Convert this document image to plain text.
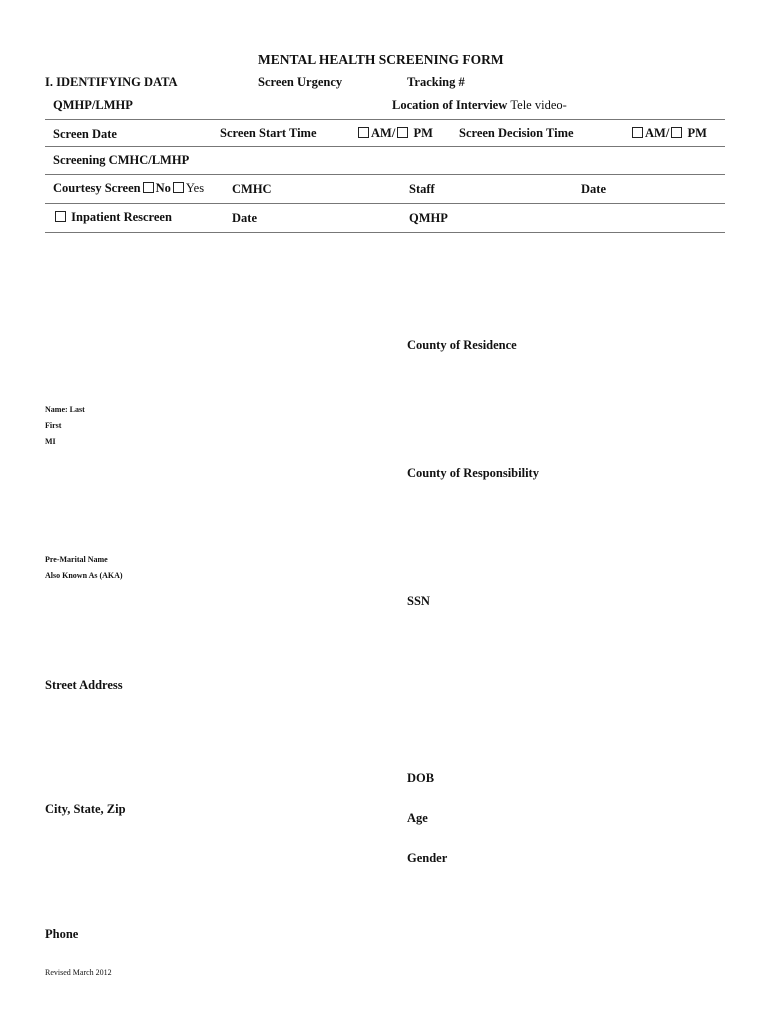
MENTAL HEALTH SCREENING FORM
I. IDENTIFYING DATA	Screen Urgency	Tracking #
QMHP/LMHP	Location of Interview Tele video-
Screen Date	Screen Start Time	AM/ PM Screen Decision Time	AM/ PM
Screening CMHC/LMHP
Courtesy Screen No Yes CMHC	Staff	Date
Inpatient Rescreen	Date	QMHP
County of Residence
Name: Last
First
MI
County of Responsibility
Pre-Marital Name
Also Known As (AKA)
SSN
Street Address
DOB
City, State, Zip
Age
Gender
Phone
Revised March 2012
